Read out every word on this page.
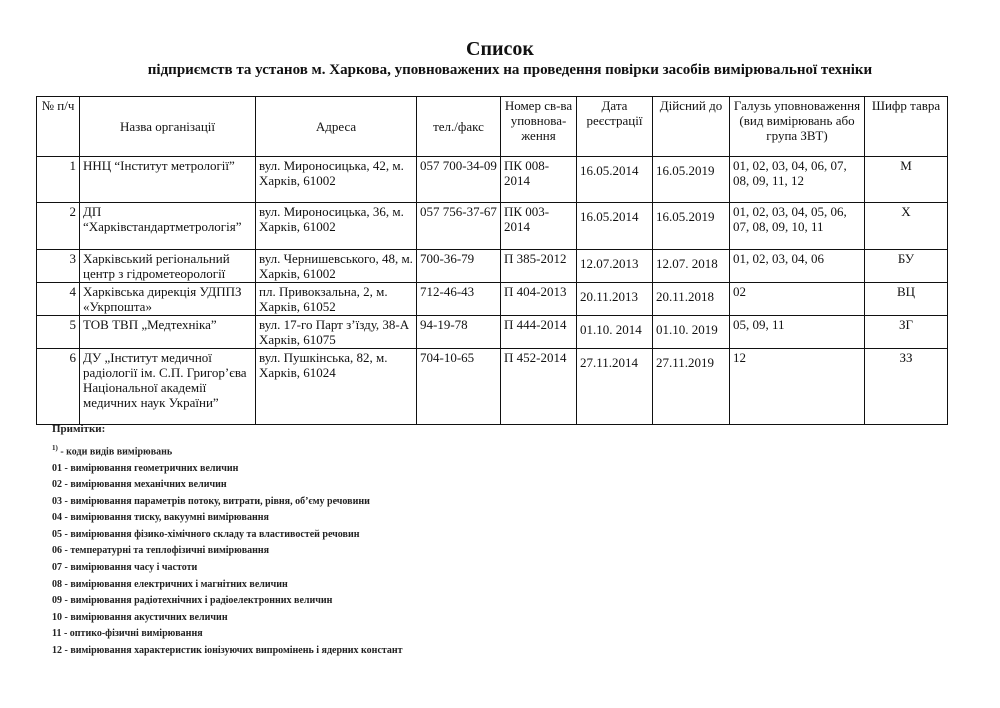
Список
підприємств та установ м. Харкова, уповноважених на проведення повірки засобів вимірювальної техніки
№ п/ч	Назва організації	Адреса	тел./факс	Номер св-ва уповнова-ження	Дата реєстрації	Дійсний до	Галузь уповноваження (вид вимірювань або група ЗВТ)	Шифр тавра
1	ННЦ “Інститут метрології”	вул. Мироносицька, 42, м. Харків, 61002	057 700-34-09	ПК 008-2014	16.05.2014	16.05.2019	01, 02, 03, 04, 06, 07, 08, 09, 11, 12	М
2	ДП “Харківстандартметрологія”	вул. Мироносицька, 36, м. Харків, 61002	057 756-37-67	ПК 003-2014	16.05.2014	16.05.2019	01, 02, 03, 04, 05, 06, 07, 08, 09, 10, 11	Х
3	Харківський регіональний центр з гідрометеорології	вул. Чернишевського, 48, м. Харків, 61002	700-36-79	П 385-2012	12.07.2013	12.07. 2018	01, 02, 03, 04, 06	БУ
4	Харківська дирекція УДППЗ «Укрпошта»	пл. Привокзальна, 2, м. Харків, 61052	712-46-43	П 404-2013	20.11.2013	20.11.2018	02	ВЦ
5	ТОВ ТВП „Медтехніка”	вул. 17-го Парт з’їзду, 38-А Харків, 61075	94-19-78	П 444-2014	01.10. 2014	01.10. 2019	05, 09, 11	ЗГ
6	ДУ „Інститут медичної радіології ім. С.П. Григор’єва Національної академії медичних наук України”	вул. Пушкінська, 82, м. Харків, 61024	704-10-65	П 452-2014	27.11.2014	27.11.2019	12	ЗЗ
Примітки:
$^{1)}$ - коди видів вимірювань
01 - вимірювання геометричних величин
02 - вимірювання механічних величин
03 - вимірювання параметрів потоку, витрати, рівня, об’єму речовини
04 - вимірювання тиску, вакуумні вимірювання
05 - вимірювання фізико-хімічного складу та властивостей речовин
06 - температурні та теплофізичні вимірювання
07 - вимірювання часу і частоти
08 - вимірювання електричних і магнітних величин
09 - вимірювання радіотехнічних і радіоелектронних величин
10 - вимірювання акустичних величин
11 - оптико-фізичні вимірювання
12 - вимірювання характеристик іонізуючих випромінень і ядерних констант
